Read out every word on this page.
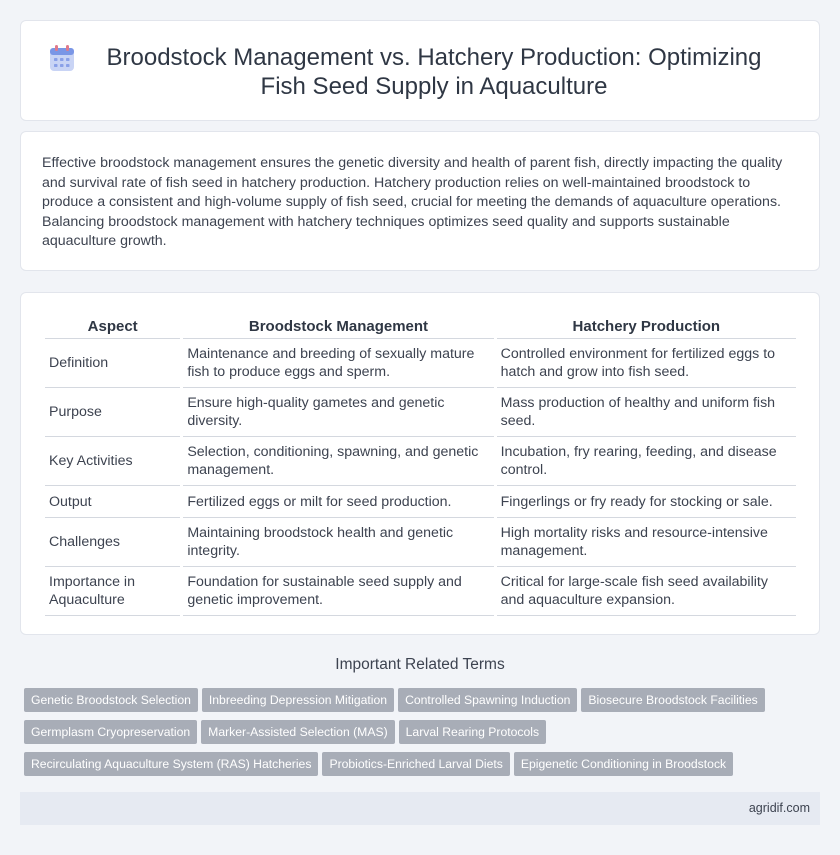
Broodstock Management vs. Hatchery Production: Optimizing Fish Seed Supply in Aquaculture

Effective broodstock management ensures the genetic diversity and health of parent fish, directly impacting the quality and survival rate of fish seed in hatchery production. Hatchery production relies on well-maintained broodstock to produce a consistent and high-volume supply of fish seed, crucial for meeting the demands of aquaculture operations. Balancing broodstock management with hatchery techniques optimizes seed quality and supports sustainable aquaculture growth.

Aspect	Broodstock Management	Hatchery Production
Definition	Maintenance and breeding of sexually mature fish to produce eggs and sperm.	Controlled environment for fertilized eggs to hatch and grow into fish seed.
Purpose	Ensure high-quality gametes and genetic diversity.	Mass production of healthy and uniform fish seed.
Key Activities	Selection, conditioning, spawning, and genetic management.	Incubation, fry rearing, feeding, and disease control.
Output	Fertilized eggs or milt for seed production.	Fingerlings or fry ready for stocking or sale.
Challenges	Maintaining broodstock health and genetic integrity.	High mortality risks and resource-intensive management.
Importance in Aquaculture	Foundation for sustainable seed supply and genetic improvement.	Critical for large-scale fish seed availability and aquaculture expansion.
Important Related Terms
Genetic Broodstock Selection Inbreeding Depression Mitigation Controlled Spawning Induction Biosecure Broodstock Facilities
Germplasm Cryopreservation Marker-Assisted Selection (MAS) Larval Rearing Protocols
Recirculating Aquaculture System (RAS) Hatcheries Probiotics-Enriched Larval Diets Epigenetic Conditioning in Broodstock
agridif.com
